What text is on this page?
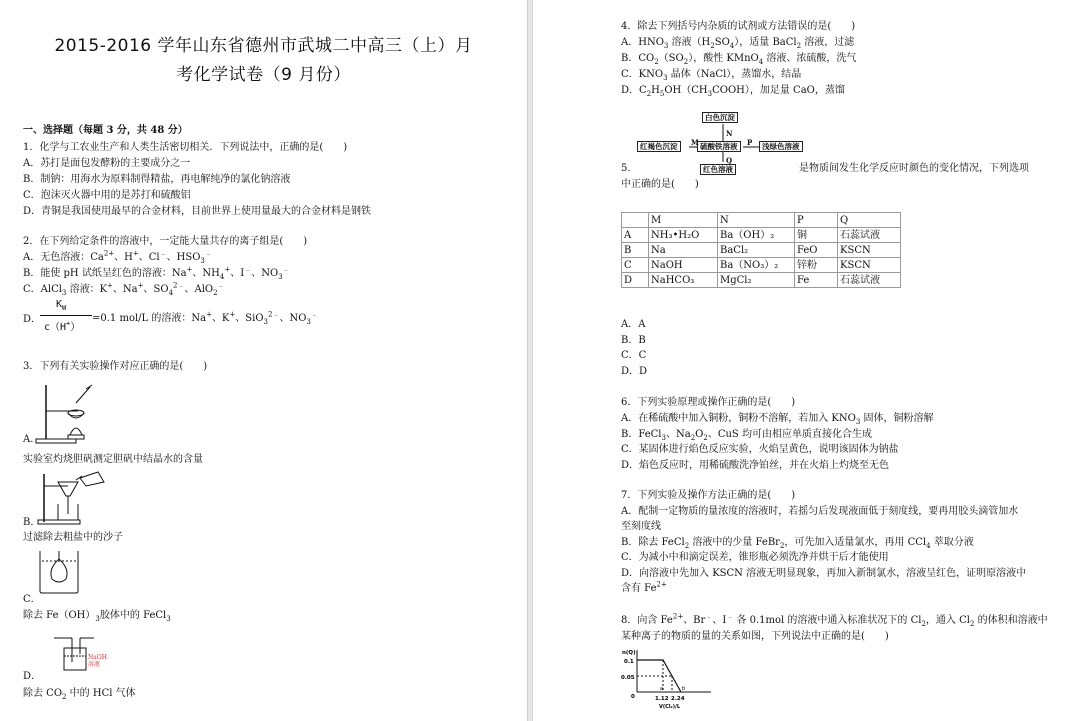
2015-2016 学年山东省德州市武城二中高三（上）月
考化学试卷（9 月份）
一、选择题（每题 3 分，共 48 分）
1．化学与工农业生产和人类生活密切相关．下列说法中，正确的是(　　)
A．苏打是面包发酵粉的主要成分之一
B．制钠：用海水为原料制得精盐，再电解纯净的氯化钠溶液
C．泡沫灭火器中用的是苏打和硫酸铝
D．青铜是我国使用最早的合金材料，目前世界上使用量最大的合金材料是钢铁
2．在下列给定条件的溶液中，一定能大量共存的离子组是(　　)
A．无色溶液：$Ca^{2+}$、H+、Cl﹣、$HSO_3^﹣$
B．能使 pH 试纸呈红色的溶液：Na+、$NH_4^+$、I﹣、$NO_3^﹣$
C．AlCl$_3$ 溶液：K+、Na+、$SO_4^{2﹣}$、AlO$_2$﹣
D．
$K_W$
c（H+）
=0.1 mol/L 的溶液：Na+、K+、SiO$_3^{2﹣}$、$NO_3^﹣$
3．下列有关实验操作对应正确的是(　　)
A．
实验室灼烧胆矾测定胆矾中结晶水的含量
B．
过滤除去粗盐中的沙子
C．
除去 $Fe(OH)_3$胶体中的 FeCl$_3$
NaOH
溶液
D．
除去 $CO_2$ 中的 HCl 气体
4．除去下列括号内杂质的试剂或方法错误的是(　　)
A．$HNO_3$ 溶液$(H_2SO_4)$，适量 BaCl$_2$ 溶液，过滤
B．$CO_2(SO_2)$，酸性 KMnO$_4$ 溶液、浓硫酸，洗气
C．$KNO_3$ 晶体（NaCl），蒸馏水，结晶
D．$C_2H_5OH(CH_3COOH)$，加足量 CaO，蒸馏
白色沉淀
红褐色沉淀	硫酸铁溶液	浅绿色溶液
红色溶液
N
M	P
Q
5．	是物质间发生化学反应时颜色的变化情况，下列选项
中正确的是(　　)
	M	N	P	Q
A	NH₃•H₂O	Ba（OH）₂	铜	石蕊试液
B	Na	BaCl₂	FeO	KSCN
C	NaOH	Ba（NO₃）₂	锌粉	KSCN
D	NaHCO₃	MgCl₂	Fe	石蕊试液
A．A
B．B
C．C
D．D
6．下列实验原理或操作正确的是(　　)
A．在稀硫酸中加入铜粉，铜粉不溶解，若加入 $KNO_3$ 固体，铜粉溶解
B．FeCl$_3$、$Na_2O_2$、CuS 均可由相应单质直接化合生成
C．某固体进行焰色反应实验，火焰呈黄色，说明该固体为钠盐
D．焰色反应时，用稀硫酸洗净铂丝，并在火焰上灼烧至无色
7．下列实验及操作方法正确的是(　　)
A．配制一定物质的量浓度的溶液时，若摇匀后发现液面低于刻度线，要再用胶头滴管加水
至刻度线
B．除去 FeCl$_2$ 溶液中的少量 FeBr$_2$，可先加入适量氯水，再用 CCl$_4$ 萃取分液
C．为减小中和滴定误差，锥形瓶必须洗净并烘干后才能使用
D．向溶液中先加入 KSCN 溶液无明显现象，再加入新制氯水，溶液呈红色，证明原溶液中
含有 $Fe^{2+}$
8．向含 $Fe^{2+}$、Br﹣、I﹣ 各 0.1mol 的溶液中通入标准状况下的 $Cl_2$，通入 $Cl_2$ 的体积和溶液中
某种离子的物质的量的关系如图，下列说法中正确的是(　　)
n(Q)
0.1
0.05
0
a	b
1.12 2.24
V(Cl₂)/L
